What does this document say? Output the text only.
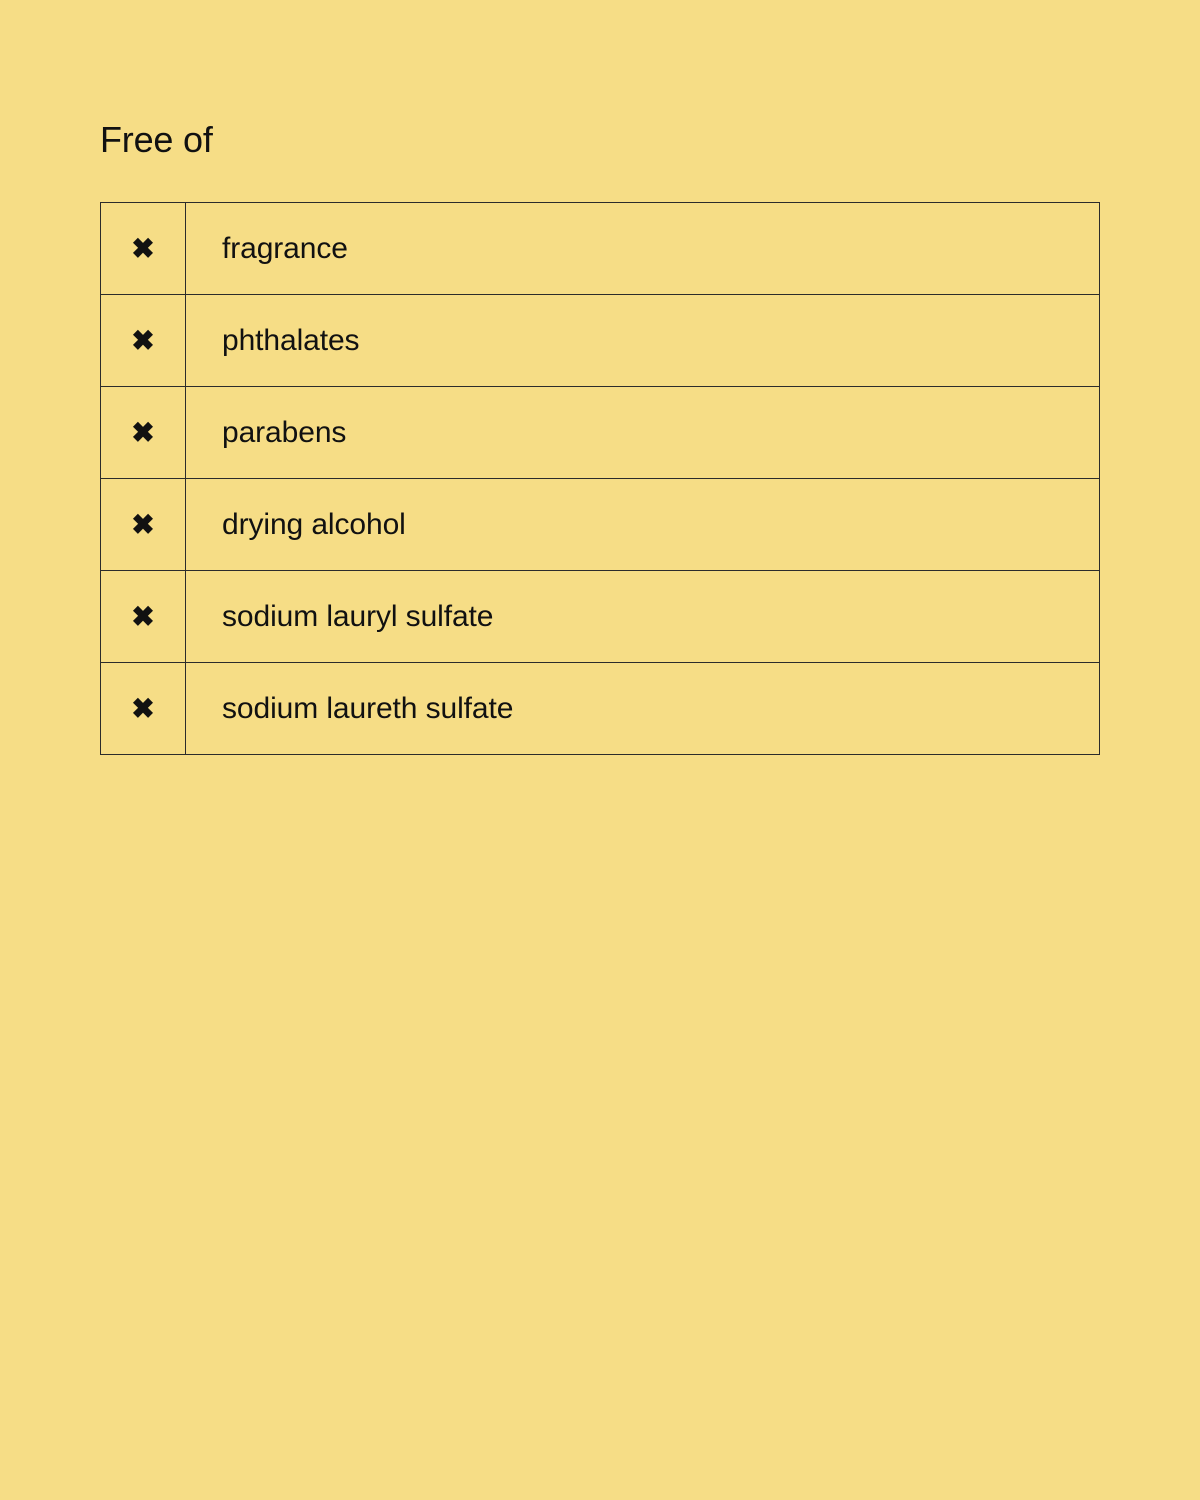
Free of
✖	fragrance
✖	phthalates
✖	parabens
✖	drying alcohol
✖	sodium lauryl sulfate
✖	sodium laureth sulfate
